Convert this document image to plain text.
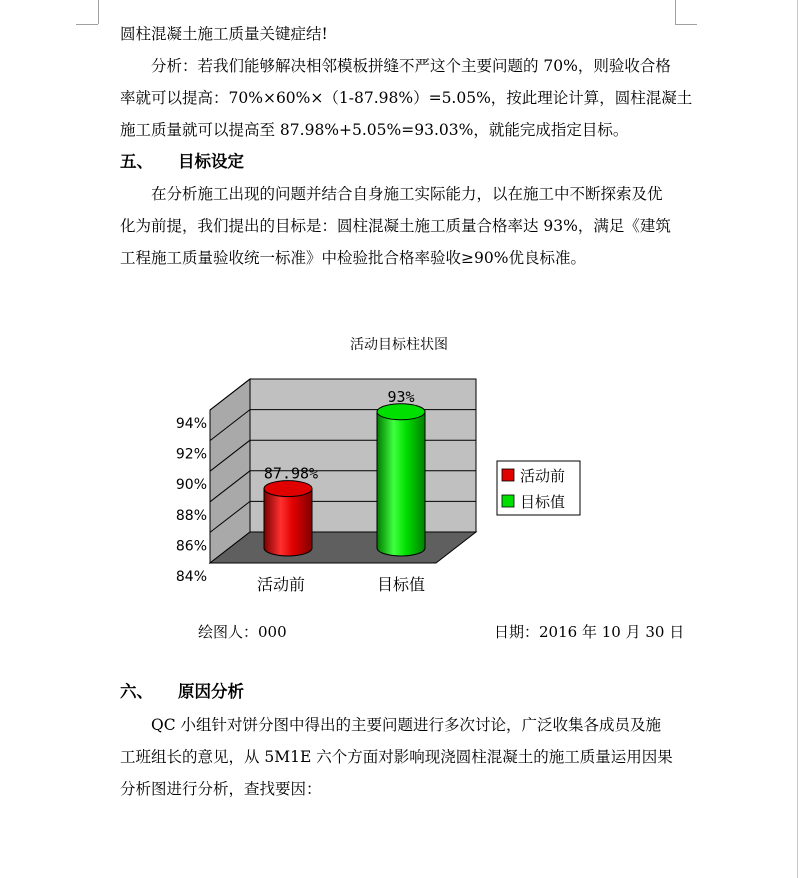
圆柱混凝土施工质量关键症结!
分析：若我们能够解决相邻模板拼缝不严这个主要问题的 70%，则验收合格
率就可以提高：70%×60%×（1-87.98%）=5.05%，按此理论计算，圆柱混凝土
施工质量就可以提高至 87.98%+5.05%=93.03%，就能完成指定目标。
五、 目标设定
在分析施工出现的问题并结合自身施工实际能力，以在施工中不断探索及优
化为前提，我们提出的目标是：圆柱混凝土施工质量合格率达 93%，满足《建筑
工程施工质量验收统一标准》中检验批合格率验收≥90%优良标准。
活动目标柱状图
84%
86%
88%
90%
92%
94%
87.98%
93%
活动前	目标值
活动前
目标值
绘图人：000	日期：2016 年 10 月 30 日
六、 原因分析
QC 小组针对饼分图中得出的主要问题进行多次讨论，广泛收集各成员及施
工班组长的意见，从 5M1E 六个方面对影响现浇圆柱混凝土的施工质量运用因果
分析图进行分析，查找要因：
